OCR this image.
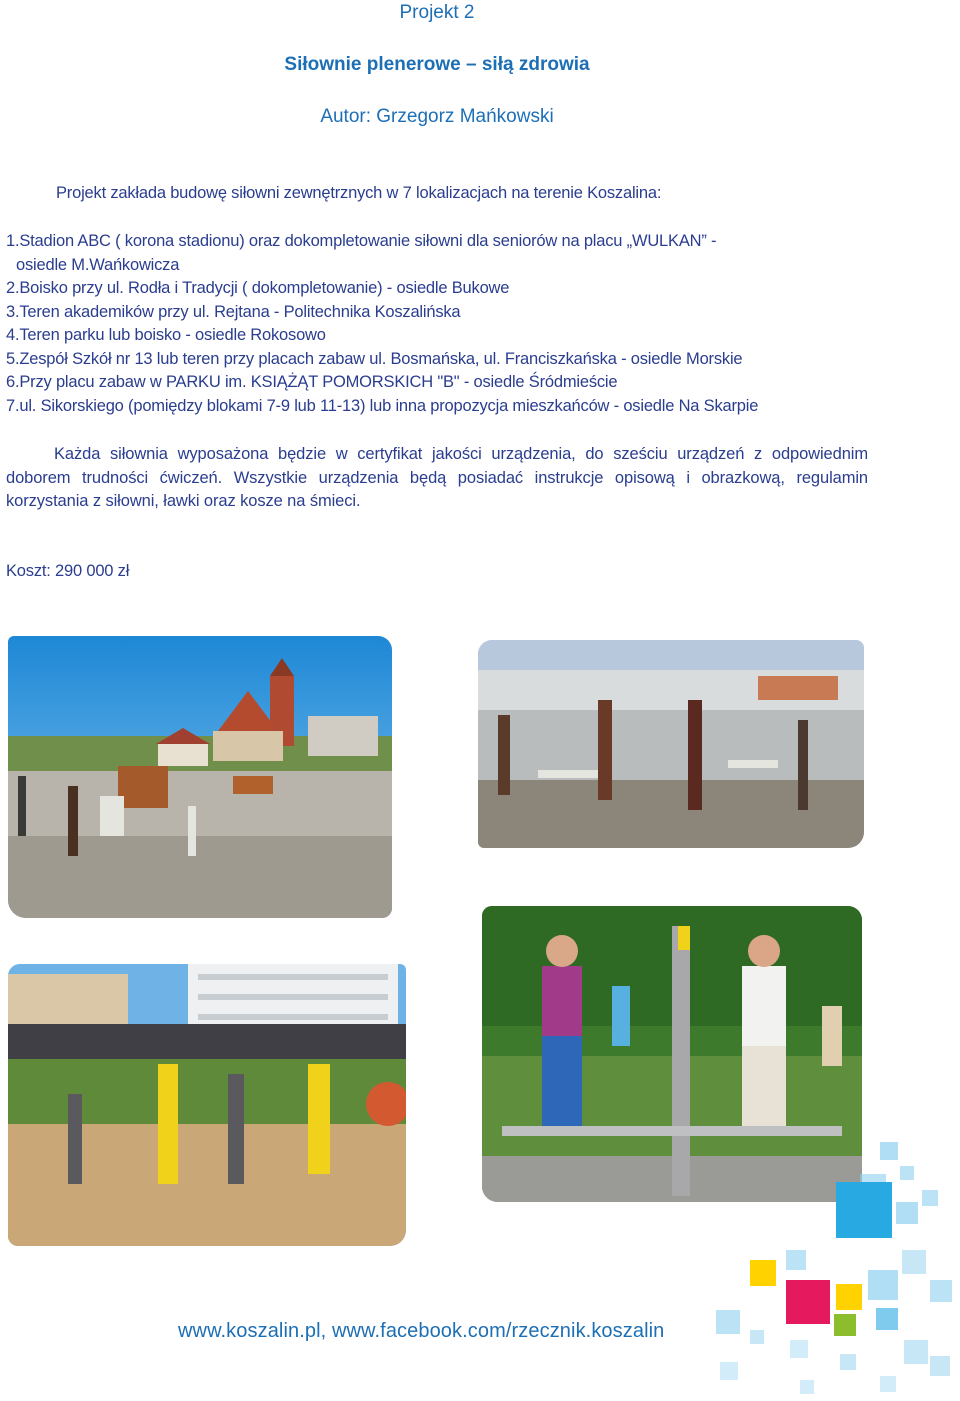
Projekt 2
Siłownie plenerowe – siłą zdrowia
Autor: Grzegorz Mańkowski
Projekt zakłada budowę siłowni zewnętrznych w 7 lokalizacjach na terenie Koszalina:
1.Stadion ABC ( korona stadionu) oraz dokompletowanie siłowni dla seniorów na placu „WULKAN” -
osiedle M.Wańkowicza
2.Boisko przy ul. Rodła i Tradycji ( dokompletowanie) - osiedle Bukowe
3.Teren akademików przy ul. Rejtana - Politechnika Koszalińska
4.Teren parku lub boisko - osiedle Rokosowo
5.Zespół Szkół nr 13 lub teren przy placach zabaw ul. Bosmańska, ul. Franciszkańska - osiedle Morskie
6.Przy placu zabaw w PARKU im. KSIĄŻĄT POMORSKICH "B" - osiedle Śródmieście
7.ul. Sikorskiego (pomiędzy blokami 7-9 lub 11-13) lub inna propozycja mieszkańców - osiedle Na Skarpie
Każda siłownia wyposażona będzie w certyfikat jakości urządzenia, do sześciu urządzeń z odpowiednim doborem trudności ćwiczeń. Wszystkie urządzenia będą posiadać instrukcje opisową i obrazkową, regulamin korzystania z siłowni, ławki oraz kosze na śmieci.
Koszt: 290 000 zł
www.koszalin.pl, www.facebook.com/rzecznik.koszalin
